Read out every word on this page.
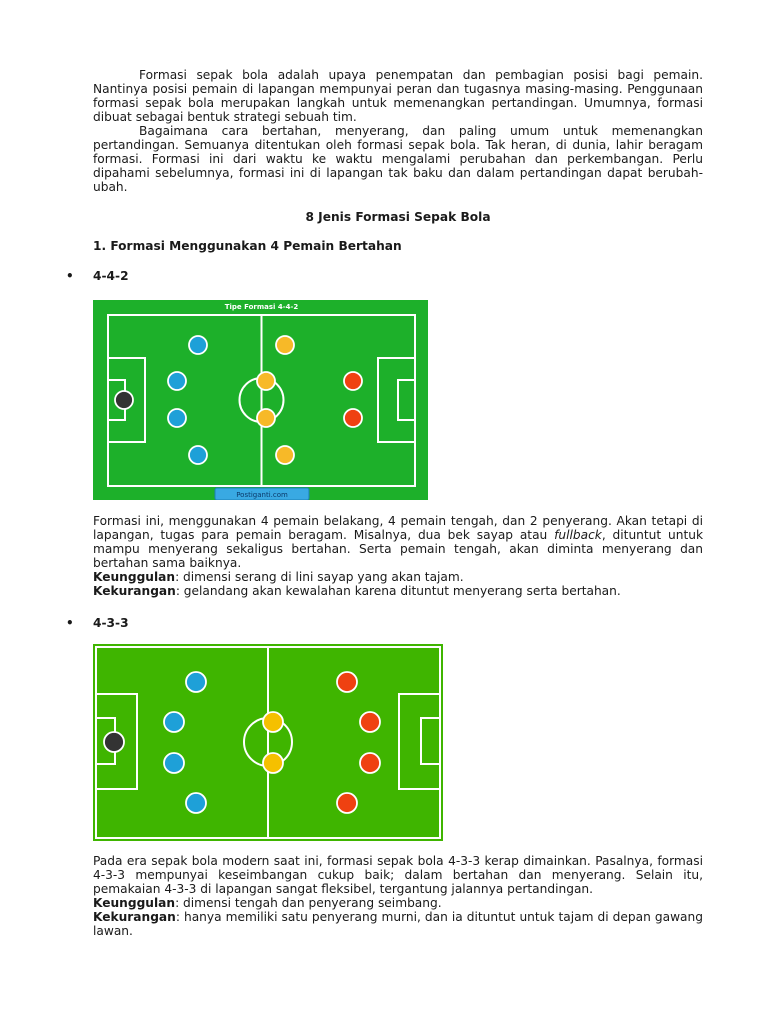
Formasi sepak bola adalah upaya penempatan dan pembagian posisi bagi pemain. Nantinya posisi pemain di lapangan mempunyai peran dan tugasnya masing-masing. Penggunaan formasi sepak bola merupakan langkah untuk memenangkan pertandingan. Umumnya, formasi dibuat sebagai bentuk strategi sebuah tim.

Bagaimana cara bertahan, menyerang, dan paling umum untuk memenangkan pertandingan. Semuanya ditentukan oleh formasi sepak bola. Tak heran, di dunia, lahir beragam formasi. Formasi ini dari waktu ke waktu mengalami perubahan dan perkembangan. Perlu dipahami sebelumnya, formasi ini di lapangan tak baku dan dalam pertandingan dapat berubah-ubah.

8 Jenis Formasi Sepak Bola
1. Formasi Menggunakan 4 Pemain Bertahan
• 4-4-2
Tipe Formasi 4-4-2
Postiganti.com

Formasi ini, menggunakan 4 pemain belakang, 4 pemain tengah, dan 2 penyerang. Akan tetapi di lapangan, tugas para pemain beragam. Misalnya, dua bek sayap atau fullback, dituntut untuk mampu menyerang sekaligus bertahan. Serta pemain tengah, akan diminta menyerang dan bertahan sama baiknya.

Keunggulan: dimensi serang di lini sayap yang akan tajam.

Kekurangan: gelandang akan kewalahan karena dituntut menyerang serta bertahan.

• 4-3-3

Pada era sepak bola modern saat ini, formasi sepak bola 4-3-3 kerap dimainkan. Pasalnya, formasi 4-3-3 mempunyai keseimbangan cukup baik; dalam bertahan dan menyerang. Selain itu, pemakaian 4-3-3 di lapangan sangat fleksibel, tergantung jalannya pertandingan.

Keunggulan: dimensi tengah dan penyerang seimbang.

Kekurangan: hanya memiliki satu penyerang murni, dan ia dituntut untuk tajam di depan gawang lawan.
